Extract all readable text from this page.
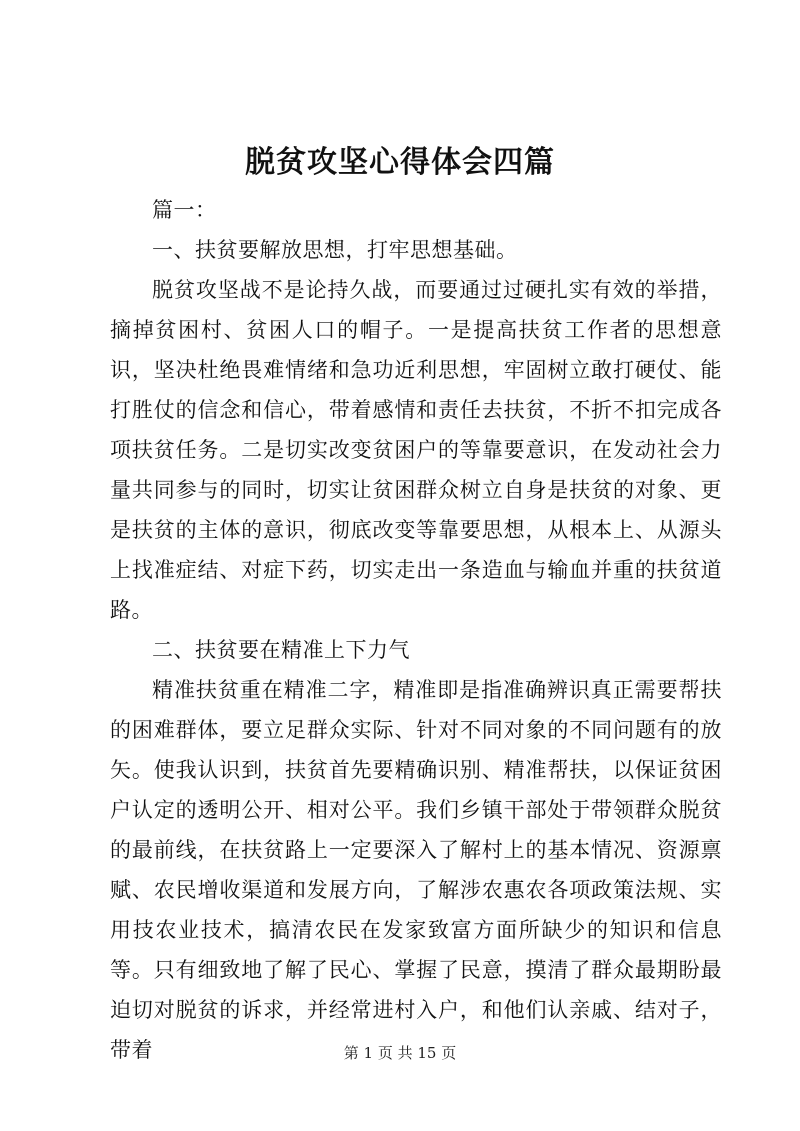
脱贫攻坚心得体会四篇

篇一：

一、扶贫要解放思想，打牢思想基础。

脱贫攻坚战不是论持久战，而要通过过硬扎实有效的举措，摘掉贫困村、贫困人口的帽子。一是提高扶贫工作者的思想意识，坚决杜绝畏难情绪和急功近利思想，牢固树立敢打硬仗、能打胜仗的信念和信心，带着感情和责任去扶贫，不折不扣完成各项扶贫任务。二是切实改变贫困户的等靠要意识，在发动社会力量共同参与的同时，切实让贫困群众树立自身是扶贫的对象、更是扶贫的主体的意识，彻底改变等靠要思想，从根本上、从源头上找准症结、对症下药，切实走出一条造血与输血并重的扶贫道路。

二、扶贫要在精准上下力气

精准扶贫重在精准二字，精准即是指准确辨识真正需要帮扶的困难群体，要立足群众实际、针对不同对象的不同问题有的放矢。使我认识到，扶贫首先要精确识别、精准帮扶，以保证贫困户认定的透明公开、相对公平。我们乡镇干部处于带领群众脱贫的最前线，在扶贫路上一定要深入了解村上的基本情况、资源禀赋、农民增收渠道和发展方向，了解涉农惠农各项政策法规、实用技农业技术，搞清农民在发家致富方面所缺少的知识和信息等。只有细致地了解了民心、掌握了民意，摸清了群众最期盼最迫切对脱贫的诉求，并经常进村入户，和他们认亲戚、结对子，带着	第 1 页 共 15 页
